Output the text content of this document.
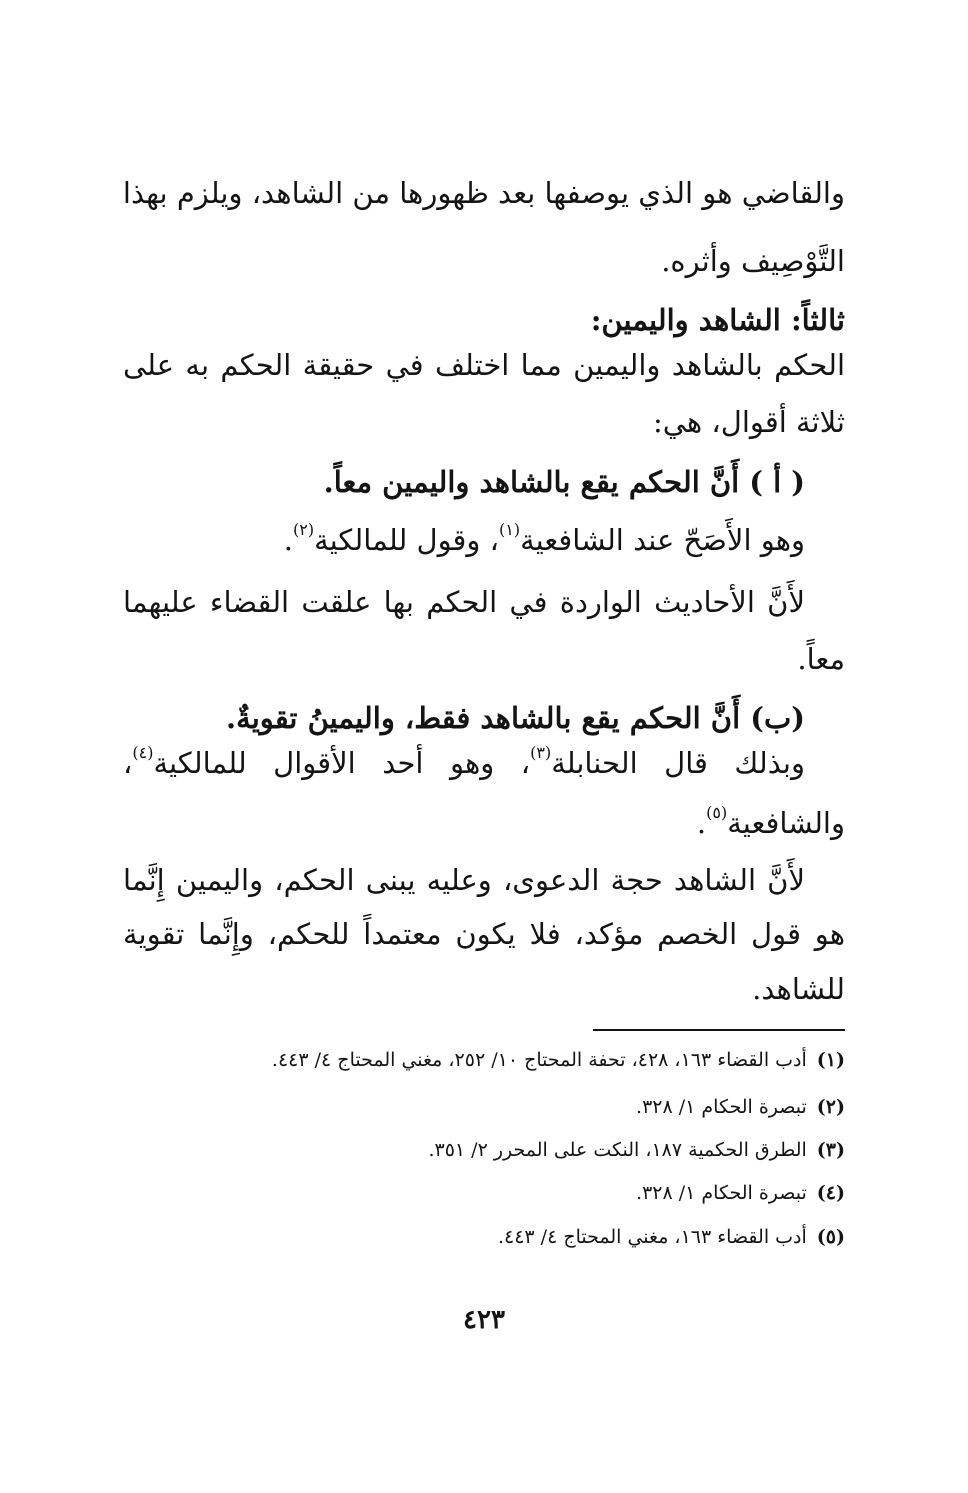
والقاضي هو الذي يوصفها بعد ظهورها من الشاهد، ويلزم بهذا
التَّوْصِيف وأثره.
ثالثاً: الشاهد واليمين:
الحكم بالشاهد واليمين مما اختلف في حقيقة الحكم به على
ثلاثة أقوال، هي:
( أ ) أَنَّ الحكم يقع بالشاهد واليمين معاً.
وهو الأَصَحّ عند الشافعية$^{(١)}$، وقول للمالكية$^{(٢)}$.
لأَنَّ الأحاديث الواردة في الحكم بها علقت القضاء عليهما
معاً.
(ب) أَنَّ الحكم يقع بالشاهد فقط، واليمينُ تقويةٌ.
وبذلك قال الحنابلة$^{(٣)}$، وهو أحد الأقوال للمالكية$^{(٤)}$،
والشافعية$^{(٥)}$.
لأَنَّ الشاهد حجة الدعوى، وعليه يبنى الحكم، واليمين إِنَّما
هو قول الخصم مؤكد، فلا يكون معتمداً للحكم، وإِنَّما تقوية
للشاهد.
(١)أدب القضاء ١٦٣، ٤٢٨، تحفة المحتاج ١٠/ ٢٥٢، مغني المحتاج ٤/ ٤٤٣.
(٢)تبصرة الحكام ١/ ٣٢٨.
(٣)الطرق الحكمية ١٨٧، النكت على المحرر ٢/ ٣٥١.
(٤)تبصرة الحكام ١/ ٣٢٨.
(٥)أدب القضاء ١٦٣، مغني المحتاج ٤/ ٤٤٣.
٤٢٣
